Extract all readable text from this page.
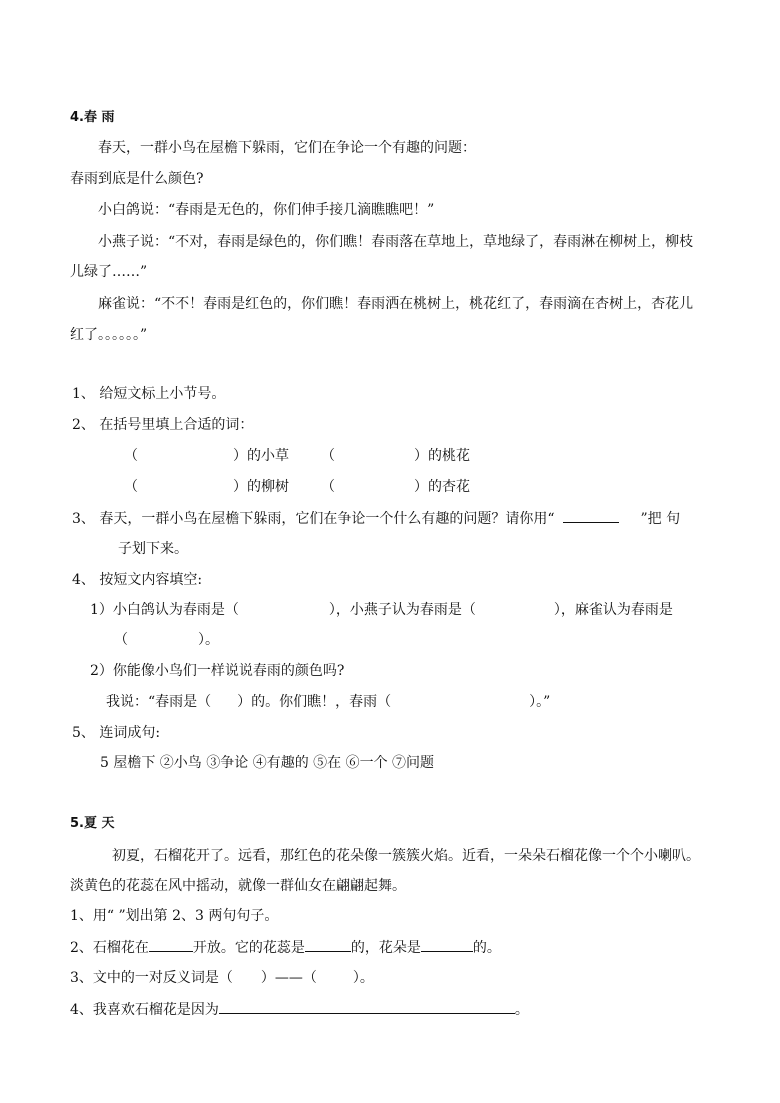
4.春 雨
春天，一群小鸟在屋檐下躲雨，它们在争论一个有趣的问题：
春雨到底是什么颜色?
小白鸽说：“春雨是无色的，你们伸手接几滴瞧瞧吧！”
小燕子说：“不对，春雨是绿色的，你们瞧！春雨落在草地上，草地绿了，春雨淋在柳树上，柳枝
儿绿了……”
麻雀说：“不不！春雨是红色的，你们瞧！春雨洒在桃树上，桃花红了，春雨滴在杏树上，杏花儿
红了。。。。。。”
1、 给短文标上小节号。
2、 在括号里填上合适的词：
（	）的小草 （	）的桃花
（	）的柳树 （	）的杏花
3、 春天，一群小鸟在屋檐下躲雨，它们在争论一个什么有趣的问题？请你用“	”把 句
子划下来。
4、 按短文内容填空:
1）小白鸽认为春雨是（	），小燕子认为春雨是（	），麻雀认为春雨是
（	）。
2）你能像小鸟们一样说说春雨的颜色吗?
我说：“春雨是（ ）的。你们瞧！，春雨（	）。”
5、 连词成句:
5 屋檐下 ②小鸟 ③争论 ④有趣的 ⑤在 ⑥一个 ⑦问题
5.夏 天
初夏，石榴花开了。远看，那红色的花朵像一簇簇火焰。近看，一朵朵石榴花像一个个小喇叭。
淡黄色的花蕊在风中摇动，就像一群仙女在翩翩起舞。
1、用“ ”划出第 2、3 两句句子。
2、石榴花在	开放。它的花蕊是	的，花朵是	的。
3、文中的一对反义词是（ ）——（	）。
4、我喜欢石榴花是因为	。
